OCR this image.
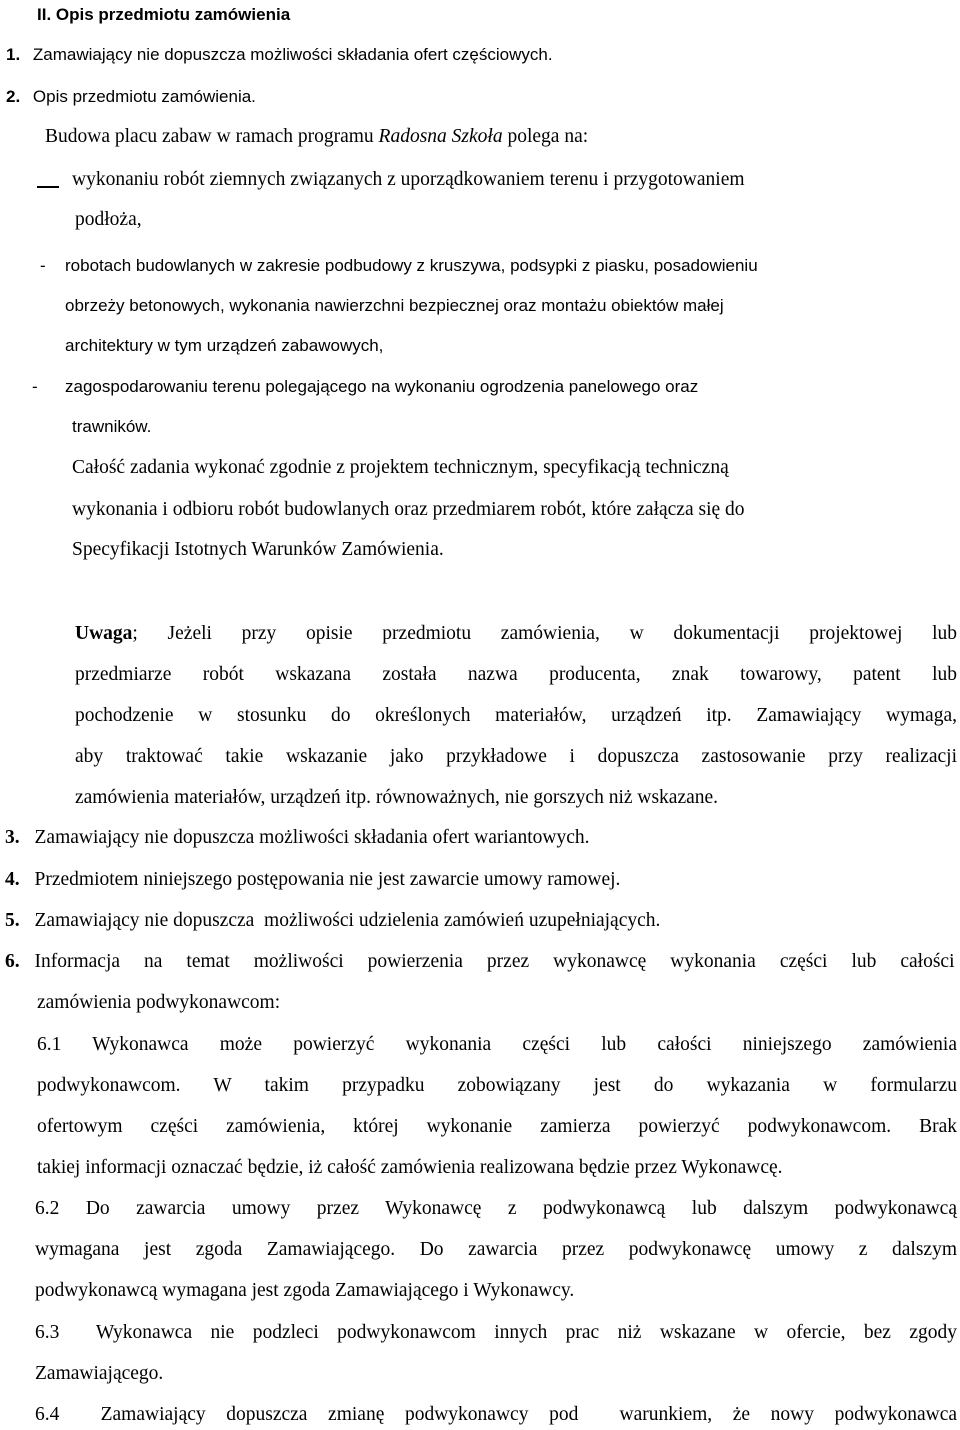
II. Opis przedmiotu zamówienia
1. Zamawiający nie dopuszcza możliwości składania ofert częściowych.
2. Opis przedmiotu zamówienia.
Budowa placu zabaw w ramach programu Radosna Szkoła polega na:
wykonaniu robót ziemnych związanych z uporządkowaniem terenu i przygotowaniem
podłoża,
- robotach budowlanych w zakresie podbudowy z kruszywa, podsypki z piasku, posadowieniu
obrzeży betonowych, wykonania nawierzchni bezpiecznej oraz montażu obiektów małej
architektury w tym urządzeń zabawowych,
- zagospodarowaniu terenu polegającego na wykonaniu ogrodzenia panelowego oraz
trawników.
Całość zadania wykonać zgodnie z projektem technicznym, specyfikacją techniczną
wykonania i odbioru robót budowlanych oraz przedmiarem robót, które załącza się do
Specyfikacji Istotnych Warunków Zamówienia.
Uwaga; Jeżeli przy opisie przedmiotu zamówienia, w dokumentacji projektowej lub
przedmiarze robót wskazana została nazwa producenta, znak towarowy, patent lub
pochodzenie w stosunku do określonych materiałów, urządzeń itp. Zamawiający wymaga,
aby traktować takie wskazanie jako przykładowe i dopuszcza zastosowanie przy realizacji
zamówienia materiałów, urządzeń itp. równoważnych, nie gorszych niż wskazane.
3. Zamawiający nie dopuszcza możliwości składania ofert wariantowych.
4. Przedmiotem niniejszego postępowania nie jest zawarcie umowy ramowej.
5. Zamawiający nie dopuszcza  możliwości udzielenia zamówień uzupełniających.
6. Informacja na temat możliwości powierzenia przez wykonawcę wykonania części lub całości
zamówienia podwykonawcom:
6.1 Wykonawca może powierzyć wykonania części lub całości niniejszego zamówienia
podwykonawcom. W takim przypadku zobowiązany jest do wykazania w formularzu
ofertowym części zamówienia, której wykonanie zamierza powierzyć podwykonawcom. Brak
takiej informacji oznaczać będzie, iż całość zamówienia realizowana będzie przez Wykonawcę.
6.2 Do zawarcia umowy przez Wykonawcę z podwykonawcą lub dalszym podwykonawcą
wymagana jest zgoda Zamawiającego. Do zawarcia przez podwykonawcę umowy z dalszym
podwykonawcą wymagana jest zgoda Zamawiającego i Wykonawcy.
6.3  Wykonawca nie podzleci podwykonawcom innych prac niż wskazane w ofercie, bez zgody
Zamawiającego.
6.4  Zamawiający dopuszcza zmianę podwykonawcy pod  warunkiem, że nowy podwykonawca
